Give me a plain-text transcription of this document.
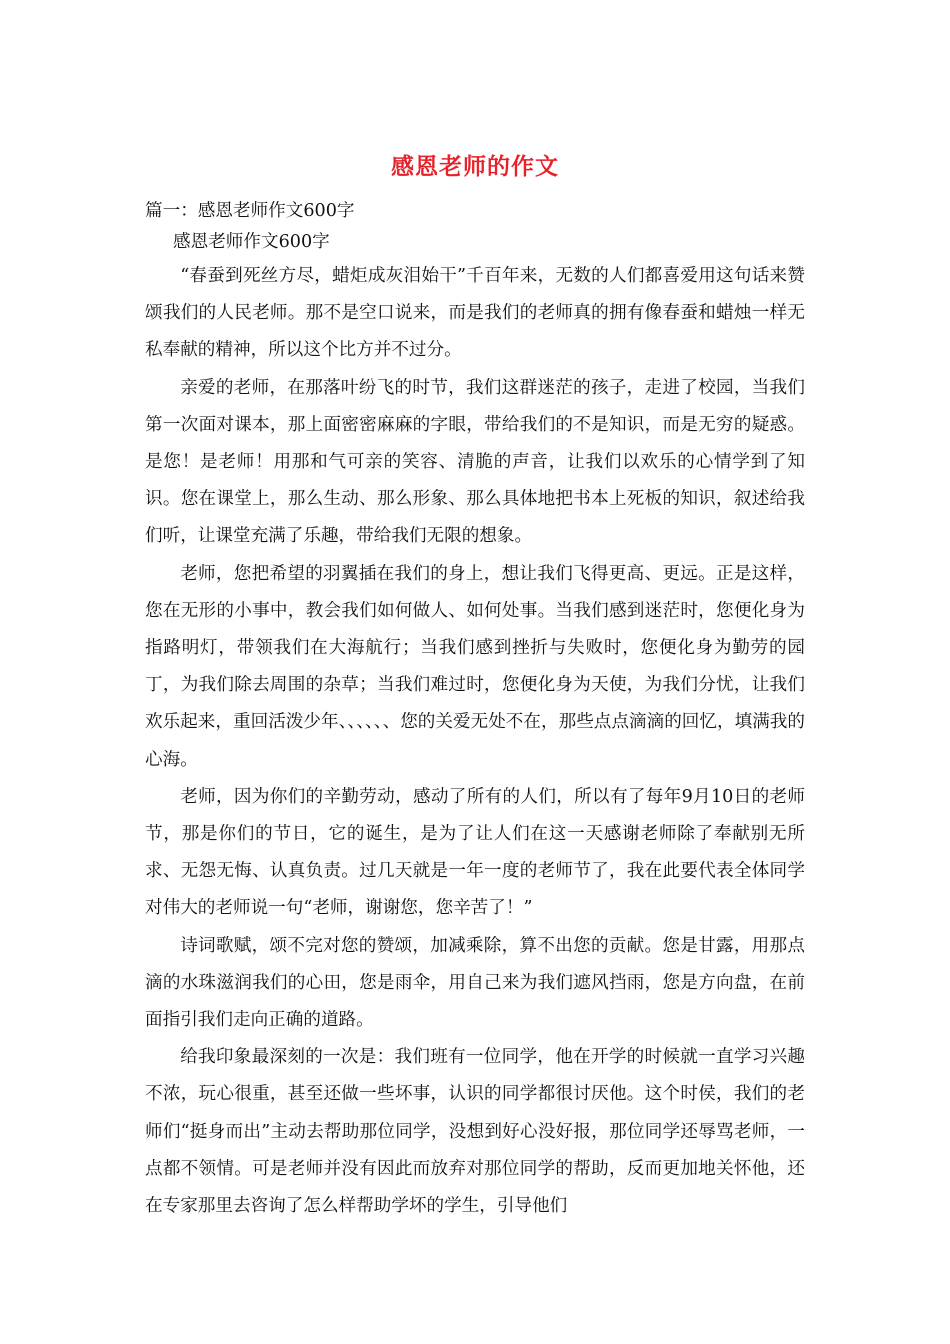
感恩老师的作文

篇一：感恩老师作文600字

感恩老师作文600字

“春蚕到死丝方尽，蜡炬成灰泪始干”千百年来，无数的人们都喜爱用这句话来赞颂我们的人民老师。那不是空口说来，而是我们的老师真的拥有像春蚕和蜡烛一样无私奉献的精神，所以这个比方并不过分。

亲爱的老师，在那落叶纷飞的时节，我们这群迷茫的孩子，走进了校园，当我们第一次面对课本，那上面密密麻麻的字眼，带给我们的不是知识，而是无穷的疑惑。是您！是老师！用那和气可亲的笑容、清脆的声音，让我们以欢乐的心情学到了知识。您在课堂上，那么生动、那么形象、那么具体地把书本上死板的知识，叙述给我们听，让课堂充满了乐趣，带给我们无限的想象。

老师，您把希望的羽翼插在我们的身上，想让我们飞得更高、更远。正是这样，您在无形的小事中，教会我们如何做人、如何处事。当我们感到迷茫时，您便化身为指路明灯，带领我们在大海航行；当我们感到挫折与失败时，您便化身为勤劳的园丁，为我们除去周围的杂草；当我们难过时，您便化身为天使，为我们分忧，让我们欢乐起来，重回活泼少年、、、、、、您的关爱无处不在，那些点点滴滴的回忆，填满我的心海。

老师，因为你们的辛勤劳动，感动了所有的人们，所以有了每年9月10日的老师节，那是你们的节日，它的诞生，是为了让人们在这一天感谢老师除了奉献别无所求、无怨无悔、认真负责。过几天就是一年一度的老师节了，我在此要代表全体同学对伟大的老师说一句“老师，谢谢您，您辛苦了！”

诗词歌赋，颂不完对您的赞颂，加减乘除，算不出您的贡献。您是甘露，用那点滴的水珠滋润我们的心田，您是雨伞，用自己来为我们遮风挡雨，您是方向盘，在前面指引我们走向正确的道路。

给我印象最深刻的一次是：我们班有一位同学，他在开学的时候就一直学习兴趣不浓，玩心很重，甚至还做一些坏事，认识的同学都很讨厌他。这个时侯，我们的老师们“挺身而出”主动去帮助那位同学，没想到好心没好报，那位同学还辱骂老师，一点都不领情。可是老师并没有因此而放弃对那位同学的帮助，反而更加地关怀他，还在专家那里去咨询了怎么样帮助学坏的学生，引导他们
